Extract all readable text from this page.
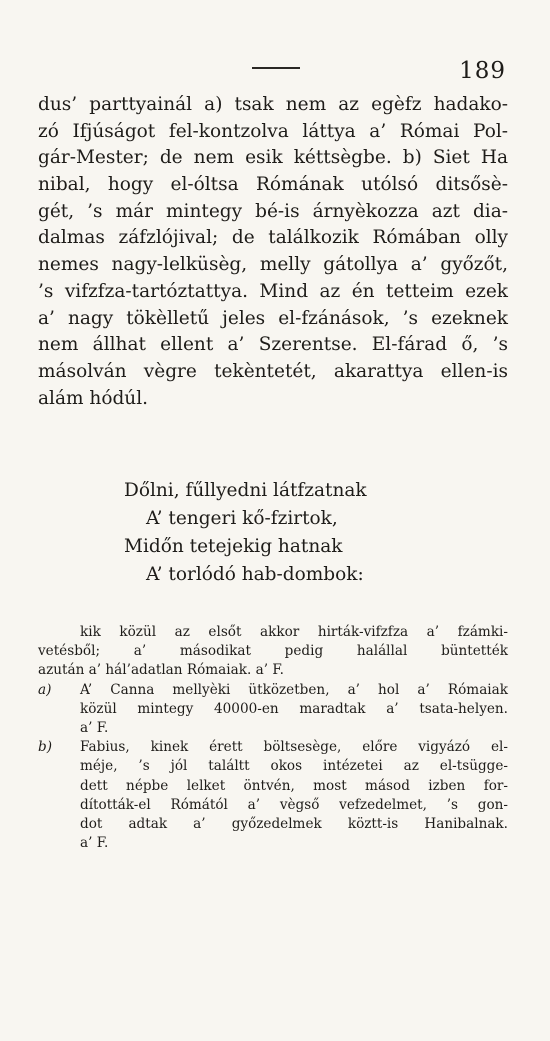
189
dus’ parttyainál a) tsak nem az egèfz hadako-
zó Ifjúságot fel-kontzolva láttya a’ Római Pol-
gár-Mester; de nem esik kéttsègbe. b) Siet Ha
nibal, hogy el-óltsa Rómának utólsó ditsősè-
gét, ’s már mintegy bé-is árnyèkozza azt dia-
dalmas záfzlójival; de találkozik Rómában olly
nemes nagy-lelküsèg, melly gátollya a’ győzőt,
’s vifzfza-tartóztattya. Mind az én tetteim ezek
a’ nagy tökèlletű jeles el-fzánások, ’s ezeknek
nem állhat ellent a’ Szerentse. El-fárad ő, ’s
másolván vègre tekèntetét, akarattya ellen-is
alám hódúl.
Dőlni, fűllyedni látfzatnak
A’ tengeri kő-fzirtok,
Midőn tetejekig hatnak
A’ torlódó hab-dombok:
kik közül az elsőt akkor hirták-vifzfza a’ fzámki-
vetésből; a’ másodikat pedig halállal büntették
azután a’ hál’adatlan Rómaiak. a’ F.
a)	A’ Canna mellyèki ütközetben, a’ hol a’ Rómaiak
közül mintegy 40000-en maradtak a’ tsata-helyen.
a’ F.
b)	Fabius, kinek érett böltsesège, előre vigyázó el-
méje, ’s jól találtt okos intézetei az el-tsügge-
dett népbe lelket öntvén, most másod izben for-
dították-el Rómától a’ vègső vefzedelmet, ’s gon-
dot adtak a’ győzedelmek köztt-is Hanibalnak.
a’ F.
